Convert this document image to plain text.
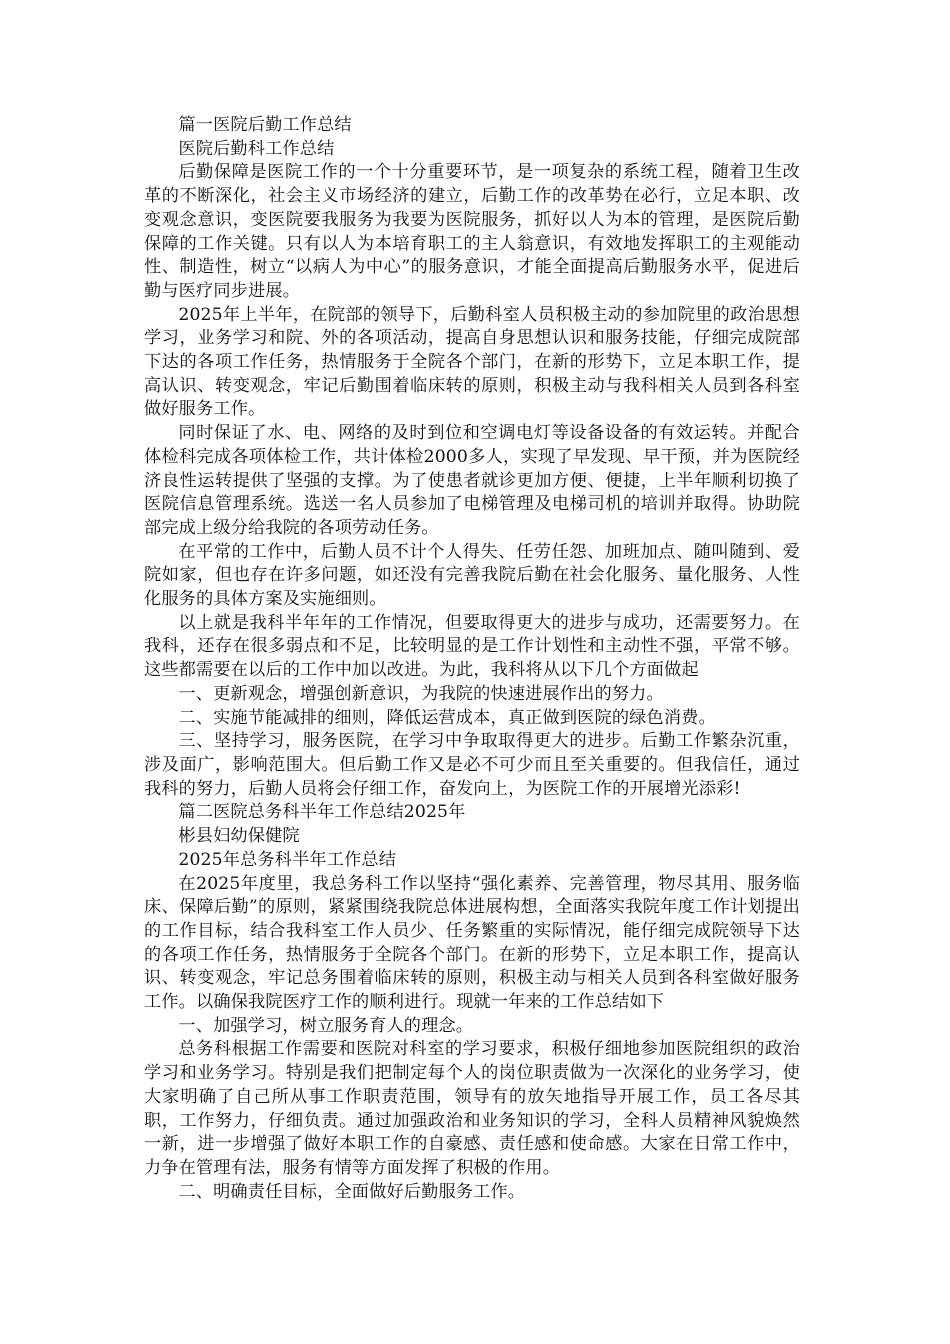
篇一医院后勤工作总结

医院后勤科工作总结

后勤保障是医院工作的一个十分重要环节，是一项复杂的系统工程，随着卫生改革的不断深化，社会主义市场经济的建立，后勤工作的改革势在必行，立足本职、改变观念意识，变医院要我服务为我要为医院服务，抓好以人为本的管理，是医院后勤保障的工作关键。只有以人为本培育职工的主人翁意识，有效地发挥职工的主观能动性、制造性，树立“以病人为中心”的服务意识，才能全面提高后勤服务水平，促进后勤与医疗同步进展。

2025年上半年，在院部的领导下，后勤科室人员积极主动的参加院里的政治思想学习，业务学习和院、外的各项活动，提高自身思想认识和服务技能，仔细完成院部下达的各项工作任务，热情服务于全院各个部门，在新的形势下，立足本职工作，提高认识、转变观念，牢记后勤围着临床转的原则，积极主动与我科相关人员到各科室做好服务工作。

同时保证了水、电、网络的及时到位和空调电灯等设备设备的有效运转。并配合体检科完成各项体检工作，共计体检2000多人，实现了早发现、早干预，并为医院经济良性运转提供了坚强的支撑。为了使患者就诊更加方便、便捷，上半年顺利切换了医院信息管理系统。选送一名人员参加了电梯管理及电梯司机的培训并取得。协助院部完成上级分给我院的各项劳动任务。

在平常的工作中，后勤人员不计个人得失、任劳任怨、加班加点、随叫随到、爱院如家，但也存在许多问题，如还没有完善我院后勤在社会化服务、量化服务、人性化服务的具体方案及实施细则。

以上就是我科半年年的工作情况，但要取得更大的进步与成功，还需要努力。在我科，还存在很多弱点和不足，比较明显的是工作计划性和主动性不强，平常不够。这些都需要在以后的工作中加以改进。为此，我科将从以下几个方面做起

一、更新观念，增强创新意识，为我院的快速进展作出的努力。

二、实施节能减排的细则，降低运营成本，真正做到医院的绿色消费。

三、坚持学习，服务医院，在学习中争取取得更大的进步。后勤工作繁杂沉重，涉及面广，影响范围大。但后勤工作又是必不可少而且至关重要的。但我信任，通过我科的努力，后勤人员将会仔细工作，奋发向上，为医院工作的开展增光添彩!

篇二医院总务科半年工作总结2025年

彬县妇幼保健院

2025年总务科半年工作总结

在2025年度里，我总务科工作以坚持“强化素养、完善管理，物尽其用、服务临床、保障后勤”的原则，紧紧围绕我院总体进展构想，全面落实我院年度工作计划提出的工作目标，结合我科室工作人员少、任务繁重的实际情况，能仔细完成院领导下达的各项工作任务，热情服务于全院各个部门。在新的形势下，立足本职工作，提高认识、转变观念，牢记总务围着临床转的原则，积极主动与相关人员到各科室做好服务工作。以确保我院医疗工作的顺利进行。现就一年来的工作总结如下

一、加强学习，树立服务育人的理念。

总务科根据工作需要和医院对科室的学习要求，积极仔细地参加医院组织的政治学习和业务学习。特别是我们把制定每个人的岗位职责做为一次深化的业务学习，使大家明确了自己所从事工作职责范围，领导有的放矢地指导开展工作，员工各尽其职，工作努力，仔细负责。通过加强政治和业务知识的学习，全科人员精神风貌焕然一新，进一步增强了做好本职工作的自豪感、责任感和使命感。大家在日常工作中，力争在管理有法，服务有情等方面发挥了积极的作用。

二、明确责任目标，全面做好后勤服务工作。
